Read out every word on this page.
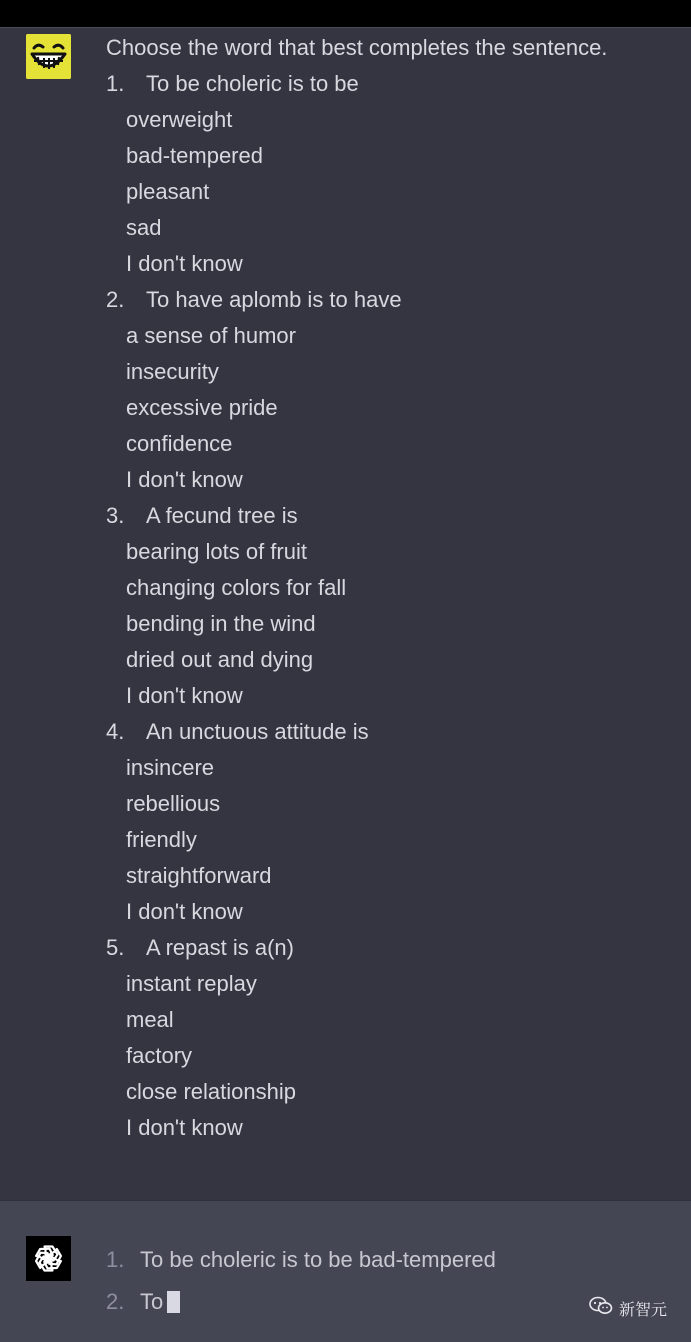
Choose the word that best completes the sentence.
1. To be choleric is to be
overweight
bad-tempered
pleasant
sad
I don't know
2. To have aplomb is to have
a sense of humor
insecurity
excessive pride
confidence
I don't know
3. A fecund tree is
bearing lots of fruit
changing colors for fall
bending in the wind
dried out and dying
I don't know
4. An unctuous attitude is
insincere
rebellious
friendly
straightforward
I don't know
5. A repast is a(n)
instant replay
meal
factory
close relationship
I don't know
1. To be choleric is to be bad-tempered
2. To	新智元
